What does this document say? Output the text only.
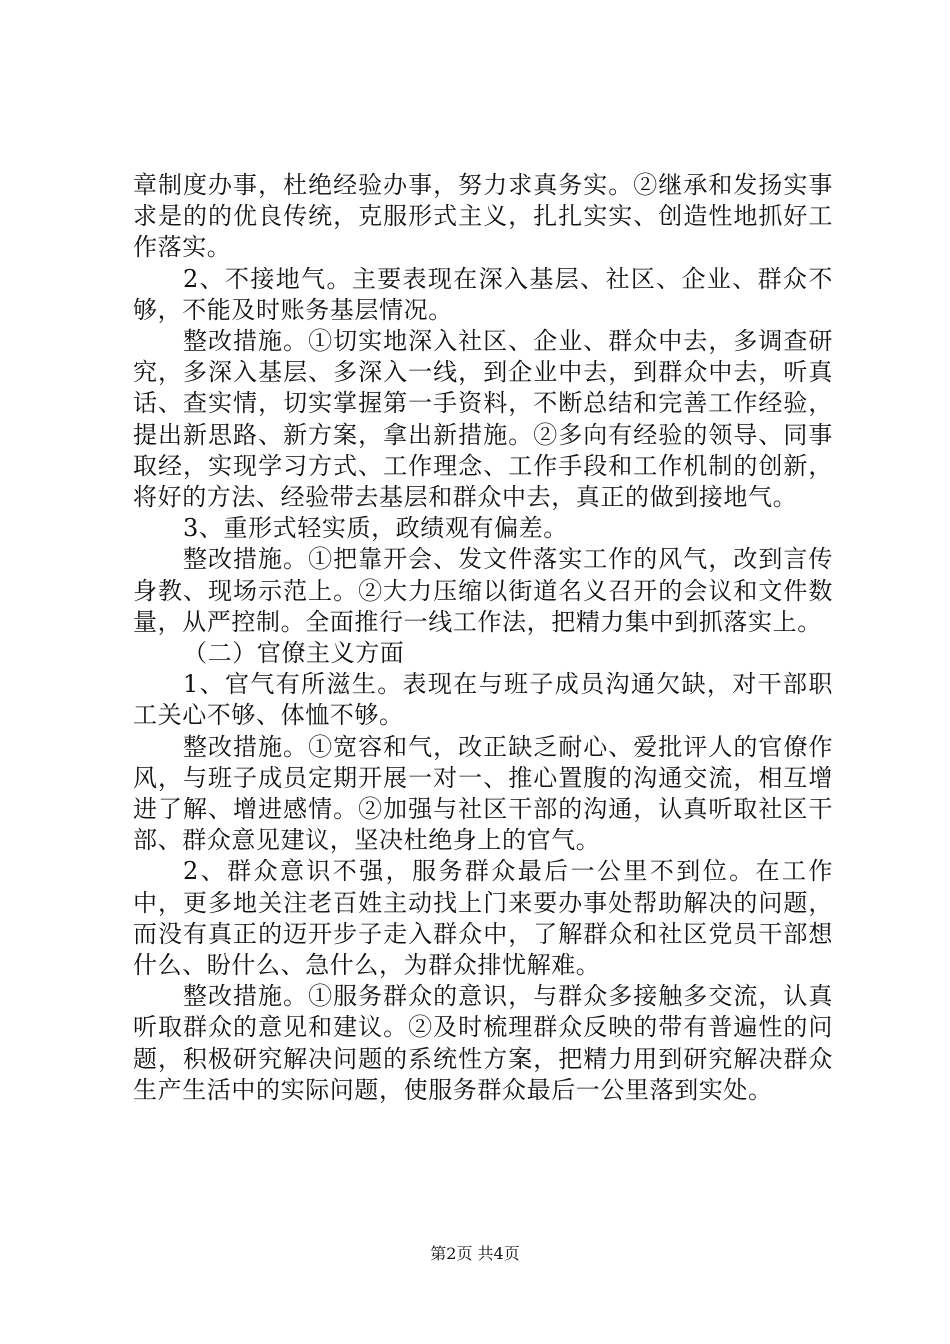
章制度办事，杜绝经验办事，努力求真务实。②继承和发扬实事求是的的优良传统，克服形式主义，扎扎实实、创造性地抓好工作落实。

2、不接地气。主要表现在深入基层、社区、企业、群众不够，不能及时账务基层情况。

整改措施。①切实地深入社区、企业、群众中去，多调查研究，多深入基层、多深入一线，到企业中去，到群众中去，听真话、查实情，切实掌握第一手资料，不断总结和完善工作经验，提出新思路、新方案，拿出新措施。②多向有经验的领导、同事取经，实现学习方式、工作理念、工作手段和工作机制的创新，将好的方法、经验带去基层和群众中去，真正的做到接地气。

3、重形式轻实质，政绩观有偏差。

整改措施。①把靠开会、发文件落实工作的风气，改到言传身教、现场示范上。②大力压缩以街道名义召开的会议和文件数量，从严控制。全面推行一线工作法，把精力集中到抓落实上。

（二）官僚主义方面

1、官气有所滋生。表现在与班子成员沟通欠缺，对干部职工关心不够、体恤不够。

整改措施。①宽容和气，改正缺乏耐心、爱批评人的官僚作风，与班子成员定期开展一对一、推心置腹的沟通交流，相互增进了解、增进感情。②加强与社区干部的沟通，认真听取社区干部、群众意见建议，坚决杜绝身上的官气。

2、群众意识不强，服务群众最后一公里不到位。在工作中，更多地关注老百姓主动找上门来要办事处帮助解决的问题，而没有真正的迈开步子走入群众中，了解群众和社区党员干部想什么、盼什么、急什么，为群众排忧解难。

整改措施。①服务群众的意识，与群众多接触多交流，认真听取群众的意见和建议。②及时梳理群众反映的带有普遍性的问题，积极研究解决问题的系统性方案，把精力用到研究解决群众生产生活中的实际问题，使服务群众最后一公里落到实处。

第2页 共4页
